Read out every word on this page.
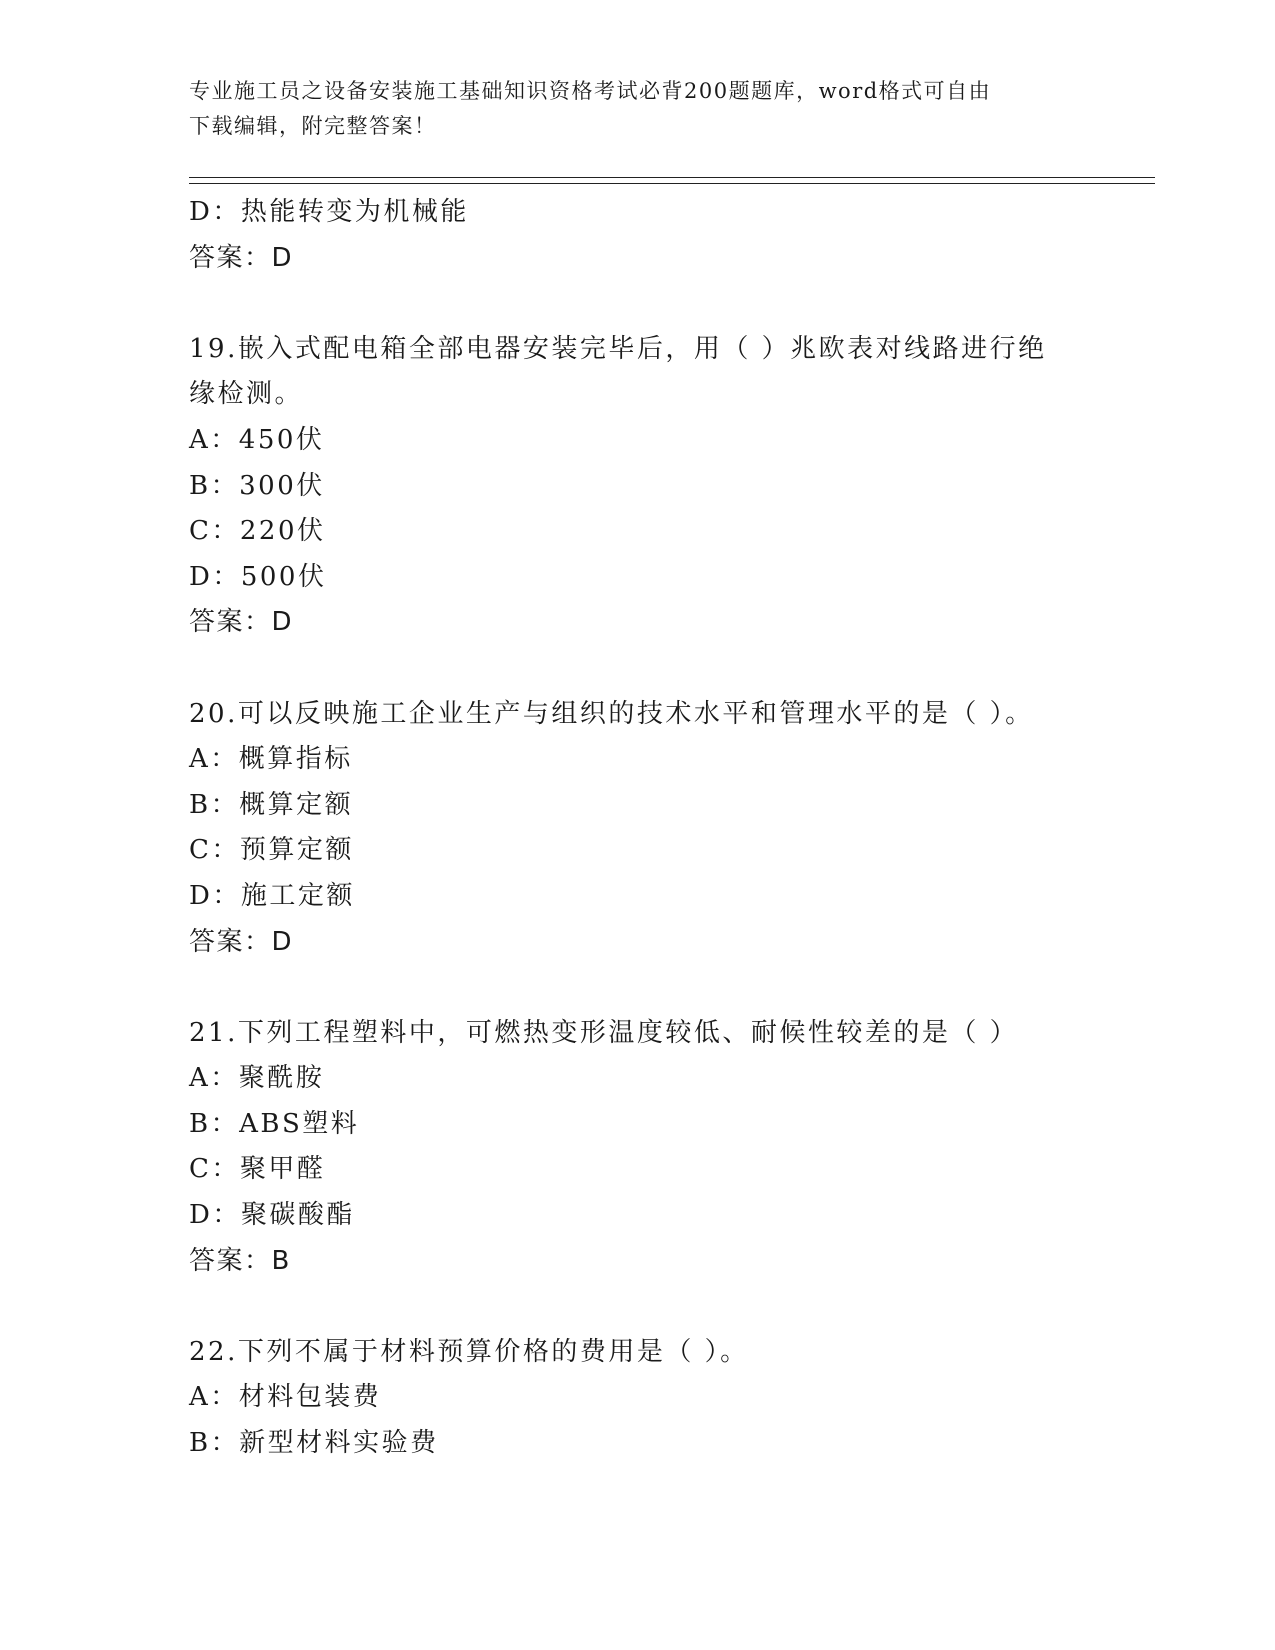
专业施工员之设备安装施工基础知识资格考试必背200题题库，word格式可自由
下载编辑，附完整答案！
D：热能转变为机械能
答案：D
19.嵌入式配电箱全部电器安装完毕后，用（ ）兆欧表对线路进行绝
缘检测。
A：450伏
B：300伏
C：220伏
D：500伏
答案：D
20.可以反映施工企业生产与组织的技术水平和管理水平的是（ ）。
A：概算指标
B：概算定额
C：预算定额
D：施工定额
答案：D
21.下列工程塑料中，可燃热变形温度较低、耐候性较差的是（ ）
A：聚酰胺
B：ABS塑料
C：聚甲醛
D：聚碳酸酯
答案：B
22.下列不属于材料预算价格的费用是（ ）。
A：材料包装费
B：新型材料实验费
